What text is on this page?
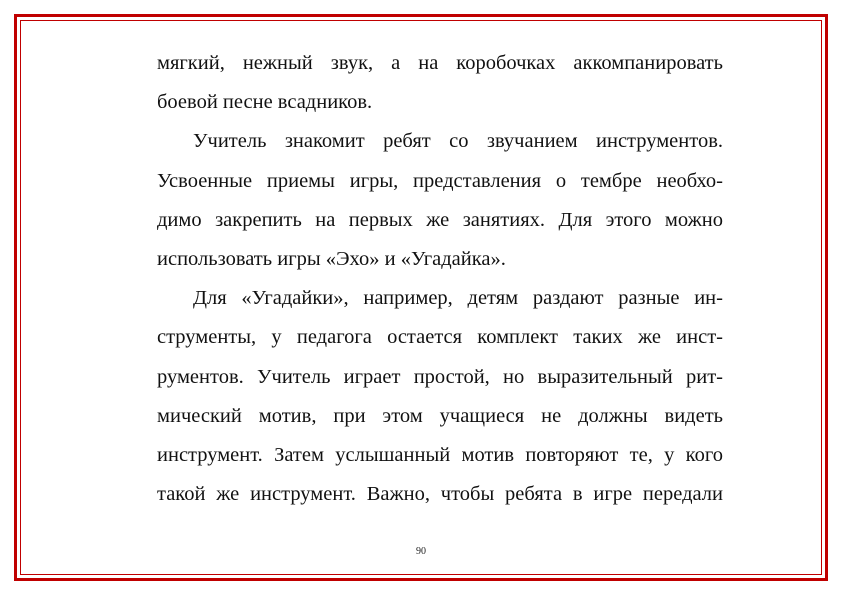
мягкий, нежный звук, а на коробочках аккомпанировать
боевой песне всадников.
Учитель знакомит ребят со звучанием инструментов.
Усвоенные приемы игры, представления о тембре необхо-
димо закрепить на первых же занятиях. Для этого можно
использовать игры «Эхо» и «Угадайка».
Для «Угадайки», например, детям раздают разные ин-
струменты, у педагога остается комплект таких же инст-
рументов. Учитель играет простой, но выразительный рит-
мический мотив, при этом учащиеся не должны видеть
инструмент. Затем услышанный мотив повторяют те, у кого
такой же инструмент. Важно, чтобы ребята в игре передали
90
